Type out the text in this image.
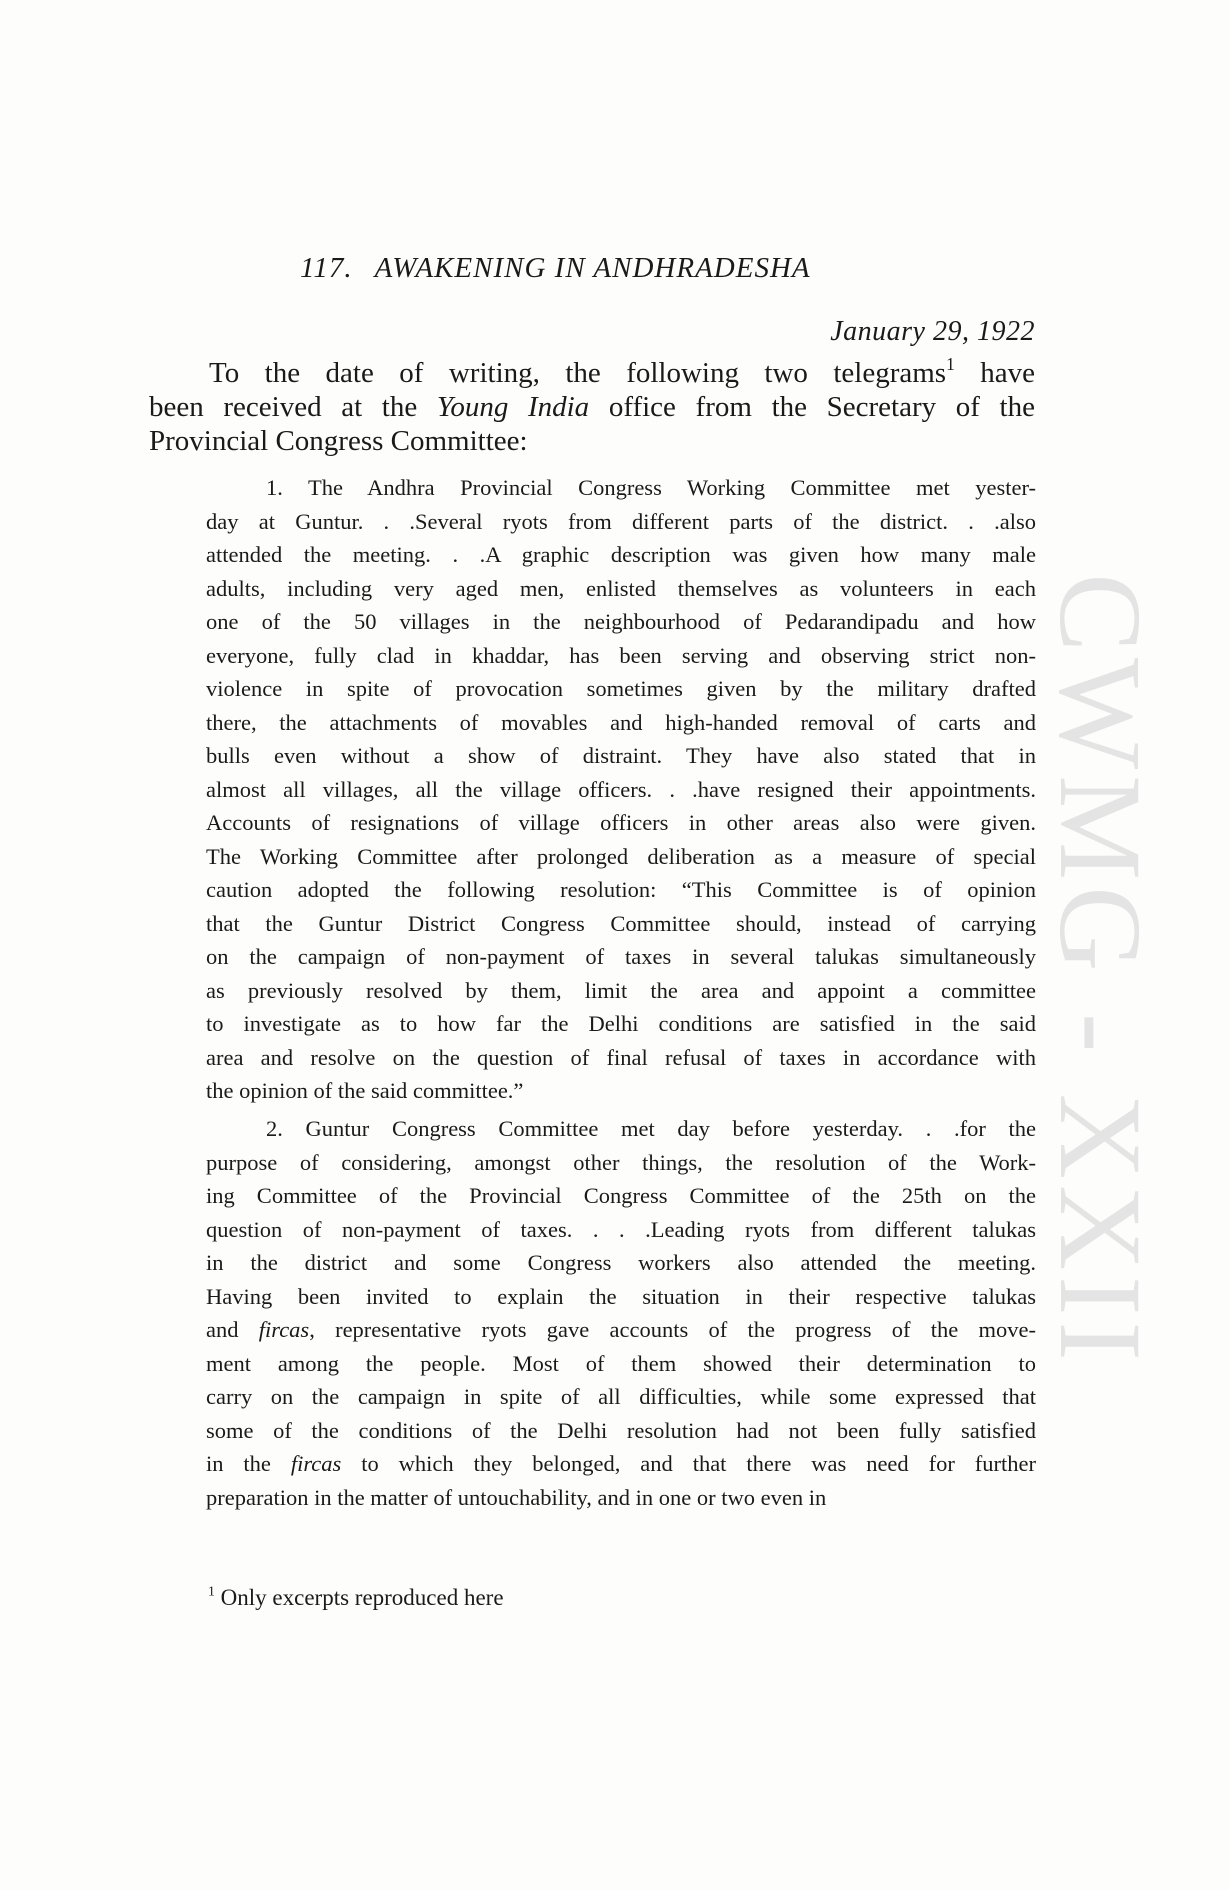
CWMG - XXII
117. AWAKENING IN ANDHRADESHA
January 29, 1922
To the date of writing, the following two telegrams$^1$ have
been received at the Young India office from the Secretary of the
Provincial Congress Committee:
1. The Andhra Provincial Congress Working Committee met yester-
day at Guntur. . .Several ryots from different parts of the district. . .also
attended the meeting. . .A graphic description was given how many male
adults, including very aged men, enlisted themselves as volunteers in each
one of the 50 villages in the neighbourhood of Pedarandipadu and how
everyone, fully clad in khaddar, has been serving and observing strict non-
violence in spite of provocation sometimes given by the military drafted
there, the attachments of movables and high-handed removal of carts and
bulls even without a show of distraint. They have also stated that in
almost all villages, all the village officers. . .have resigned their appointments.
Accounts of resignations of village officers in other areas also were given.
The Working Committee after prolonged deliberation as a measure of special
caution adopted the following resolution: “This Committee is of opinion
that the Guntur District Congress Committee should, instead of carrying
on the campaign of non-payment of taxes in several talukas simultaneously
as previously resolved by them, limit the area and appoint a committee
to investigate as to how far the Delhi conditions are satisfied in the said
area and resolve on the question of final refusal of taxes in accordance with
the opinion of the said committee.”
2. Guntur Congress Committee met day before yesterday. . .for the
purpose of considering, amongst other things, the resolution of the Work-
ing Committee of the Provincial Congress Committee of the 25th on the
question of non-payment of taxes. . . .Leading ryots from different talukas
in the district and some Congress workers also attended the meeting.
Having been invited to explain the situation in their respective talukas
and fircas, representative ryots gave accounts of the progress of the move-
ment among the people. Most of them showed their determination to
carry on the campaign in spite of all difficulties, while some expressed that
some of the conditions of the Delhi resolution had not been fully satisfied
in the fircas to which they belonged, and that there was need for further
preparation in the matter of untouchability, and in one or two even in
$^1$ Only excerpts reproduced here
